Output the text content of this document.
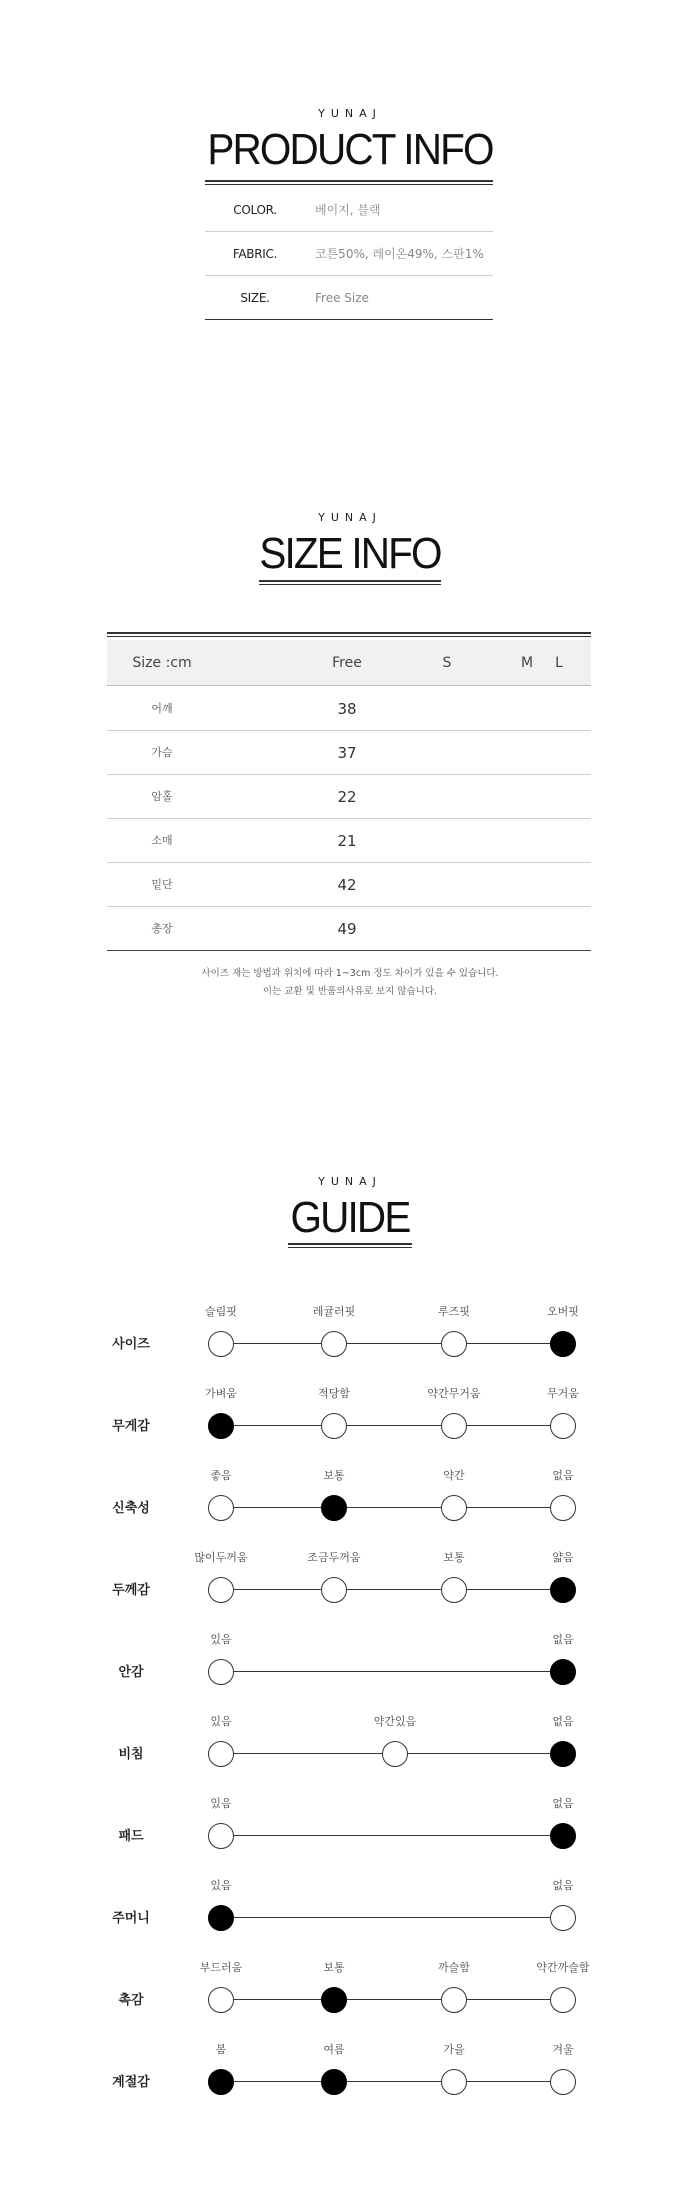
YUNAJ
PRODUCT INFO
COLOR.	베이지, 블랙
FABRIC.	코튼50%, 레이온49%, 스판1%
SIZE.	Free Size
YUNAJ
SIZE INFO
Size :cm	Free	S	M	L
어깨	38
가슴	37
암홀	22
소매	21
밑단	42
총장	49
사이즈 재는 방법과 위치에 따라 1~3cm 정도 차이가 있을 수 있습니다.
이는 교환 및 반품의사유로 보지 않습니다.
YUNAJ
GUIDE
사이즈
슬림핏	레귤러핏	루즈핏	오버핏
무게감
가벼움	적당함	약간무거움	무거움
신축성
좋음	보통	약간	없음
두께감
많이두꺼움	조금두꺼움	보통	얇음
안감
있음	없음
비침
있음	약간있음	없음
패드
있음	없음
주머니
있음	없음
촉감
부드러움	보통	까슬함	약간까슬함
계절감
봄	여름	가을	겨울
